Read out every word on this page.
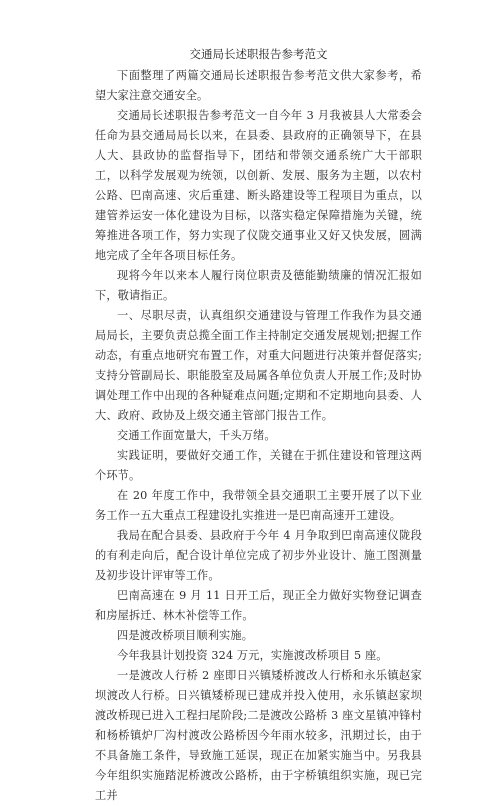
交通局长述职报告参考范文

下面整理了两篇交通局长述职报告参考范文供大家参考，希望大家注意交通安全。

交通局长述职报告参考范文一自今年 3 月我被县人大常委会任命为县交通局局长以来，在县委、县政府的正确领导下，在县人大、县政协的监督指导下，团结和带领交通系统广大干部职工，以科学发展观为统领，以创新、发展、服务为主题，以农村公路、巴南高速、灾后重建、断头路建设等工程项目为重点，以建管养运安一体化建设为目标，以落实稳定保障措施为关键，统筹推进各项工作，努力实现了仪陇交通事业又好又快发展，圆满地完成了全年各项目标任务。

现将今年以来本人履行岗位职责及德能勤绩廉的情况汇报如下，敬请指正。

一、尽职尽责，认真组织交通建设与管理工作我作为县交通局局长，主要负责总揽全面工作主持制定交通发展规划;把握工作动态，有重点地研究布置工作，对重大问题进行决策并督促落实;支持分管副局长、职能股室及局属各单位负责人开展工作;及时协调处理工作中出现的各种疑难点问题;定期和不定期地向县委、人大、政府、政协及上级交通主管部门报告工作。

交通工作面宽量大，千头万绪。

实践证明，要做好交通工作，关键在于抓住建设和管理这两个环节。

在 20 年度工作中，我带领全县交通职工主要开展了以下业务工作一五大重点工程建设扎实推进一是巴南高速开工建设。

我局在配合县委、县政府于今年 4 月争取到巴南高速仪陇段的有利走向后，配合设计单位完成了初步外业设计、施工图测量及初步设计评审等工作。

巴南高速在 9 月 11 日开工后，现正全力做好实物登记调查和房屋拆迁、林木补偿等工作。

四是渡改桥项目顺利实施。

今年我县计划投资 324 万元，实施渡改桥项目 5 座。

一是渡改人行桥 2 座即日兴镇矮桥渡改人行桥和永乐镇赵家坝渡改人行桥。日兴镇矮桥现已建成并投入使用，永乐镇赵家坝渡改桥现已进入工程扫尾阶段;二是渡改公路桥 3 座文星镇冲锋村和杨桥镇炉厂沟村渡改公路桥因今年雨水较多，汛期过长，由于不具备施工条件，导致施工延误，现正在加紧实施当中。另我县今年组织实施踏泥桥渡改公路桥，由于字桥镇组织实施，现已完工并
